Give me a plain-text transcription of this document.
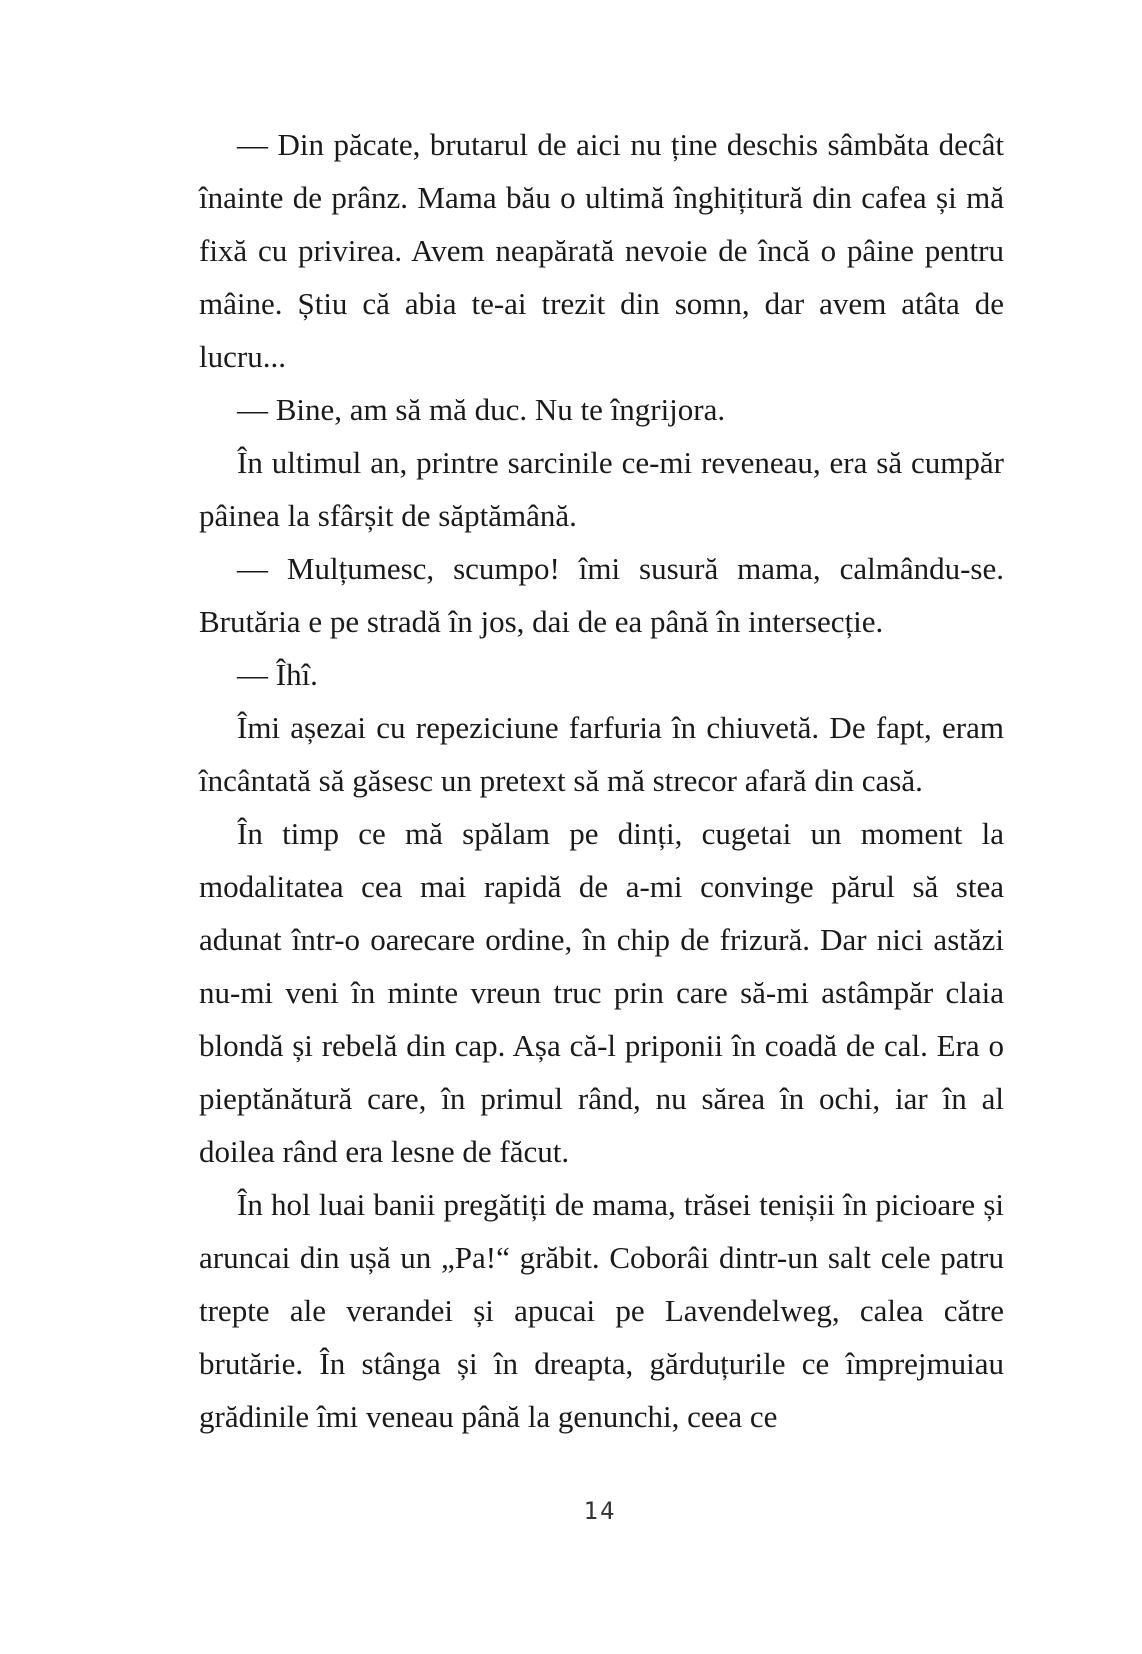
— Din păcate, brutarul de aici nu ține deschis sâmbăta decât înainte de prânz. Mama bău o ultimă înghițitură din cafea și mă fixă cu privirea. Avem neapărată nevoie de încă o pâine pentru mâine. Știu că abia te-ai trezit din somn, dar avem atâta de lucru...

— Bine, am să mă duc. Nu te îngrijora.

În ultimul an, printre sarcinile ce-mi reveneau, era să cumpăr pâinea la sfârșit de săptămână.

— Mulțumesc, scumpo! îmi susură mama, calmându-se. Brutăria e pe stradă în jos, dai de ea până în intersecție.

— Îhî.

Îmi așezai cu repeziciune farfuria în chiuvetă. De fapt, eram încântată să găsesc un pretext să mă strecor afară din casă.

În timp ce mă spălam pe dinți, cugetai un moment la modalitatea cea mai rapidă de a-mi convinge părul să stea adunat într-o oarecare ordine, în chip de frizură. Dar nici astăzi nu-mi veni în minte vreun truc prin care să-mi astâmpăr claia blondă și rebelă din cap. Așa că-l priponii în coadă de cal. Era o pieptănătură care, în primul rând, nu sărea în ochi, iar în al doilea rând era lesne de făcut.

În hol luai banii pregătiți de mama, trăsei tenișii în picioare și aruncai din ușă un „Pa!“ grăbit. Coborâi dintr-un salt cele patru trepte ale verandei și apucai pe Lavendelweg, calea către brutărie. În stânga și în dreapta, gărduțurile ce împrejmuiau grădinile îmi veneau până la genunchi, ceea ce

14
